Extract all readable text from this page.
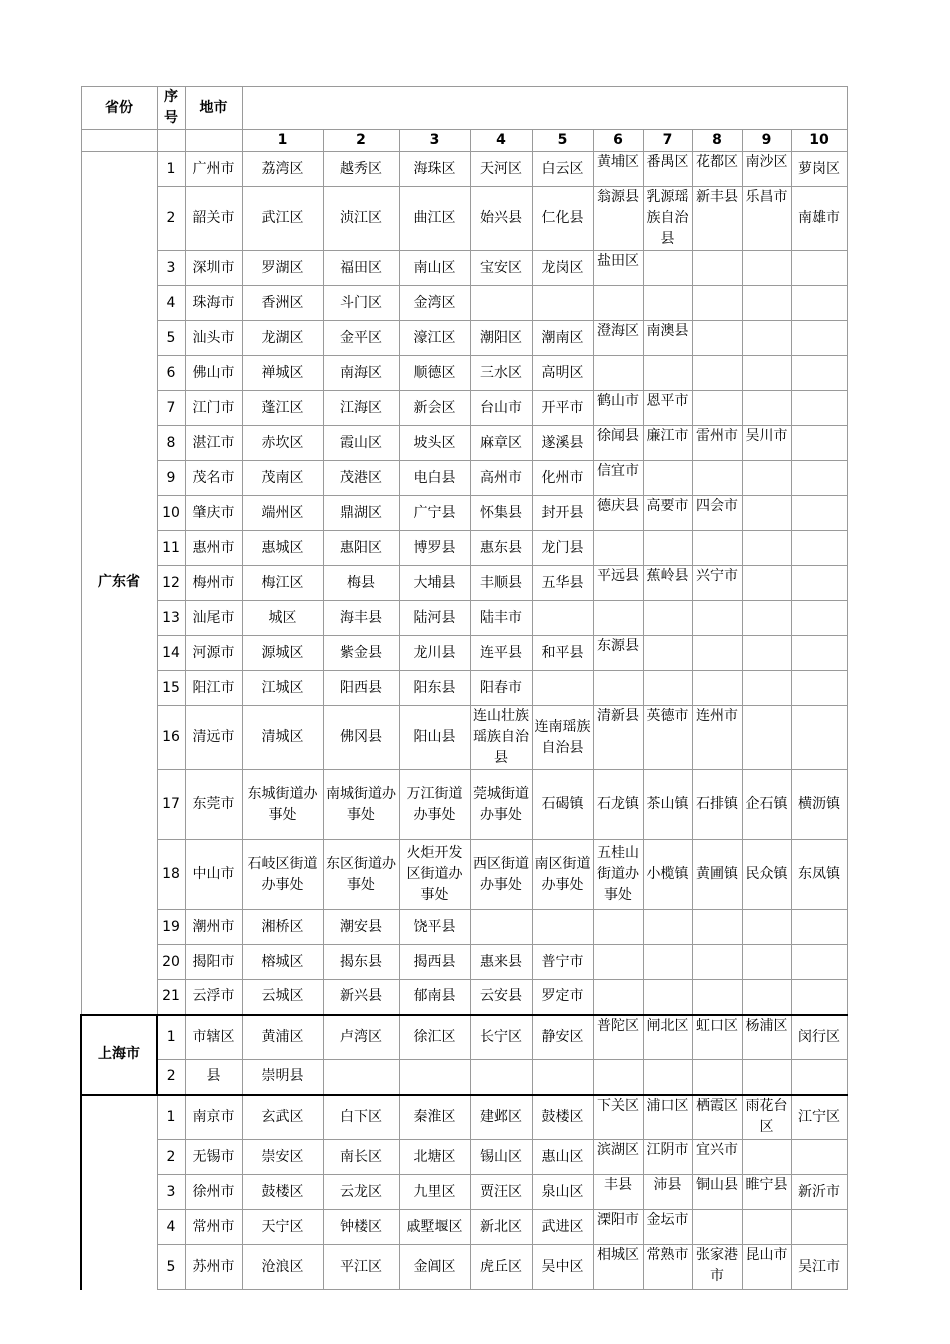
省份	序号	地市										
			1	2	3	4	5	6	7	8	9	10
广东省	1	广州市	荔湾区	越秀区	海珠区	天河区	白云区	黄埔区	番禺区	花都区	南沙区	萝岗区
	2	韶关市	武江区	浈江区	曲江区	始兴县	仁化县	翁源县	乳源瑶族自治县	新丰县	乐昌市	南雄市
	3	深圳市	罗湖区	福田区	南山区	宝安区	龙岗区	盐田区				
	4	珠海市	香洲区	斗门区	金湾区							
	5	汕头市	龙湖区	金平区	濠江区	潮阳区	潮南区	澄海区	南澳县			
	6	佛山市	禅城区	南海区	顺德区	三水区	高明区					
	7	江门市	蓬江区	江海区	新会区	台山市	开平市	鹤山市	恩平市			
	8	湛江市	赤坎区	霞山区	坡头区	麻章区	遂溪县	徐闻县	廉江市	雷州市	吴川市	
	9	茂名市	茂南区	茂港区	电白县	高州市	化州市	信宜市				
	10	肇庆市	端州区	鼎湖区	广宁县	怀集县	封开县	德庆县	高要市	四会市		
	11	惠州市	惠城区	惠阳区	博罗县	惠东县	龙门县					
	12	梅州市	梅江区	梅县	大埔县	丰顺县	五华县	平远县	蕉岭县	兴宁市		
	13	汕尾市	城区	海丰县	陆河县	陆丰市						
	14	河源市	源城区	紫金县	龙川县	连平县	和平县	东源县				
	15	阳江市	江城区	阳西县	阳东县	阳春市						
	16	清远市	清城区	佛冈县	阳山县	连山壮族瑶族自治县	连南瑶族自治县	清新县	英德市	连州市		
	17	东莞市	东城街道办事处	南城街道办事处	万江街道办事处	莞城街道办事处	石碣镇	石龙镇	茶山镇	石排镇	企石镇	横沥镇
	18	中山市	石岐区街道办事处	东区街道办事处	火炬开发区街道办事处	西区街道办事处	南区街道办事处	五桂山街道办事处	小榄镇	黄圃镇	民众镇	东凤镇
	19	潮州市	湘桥区	潮安县	饶平县							
	20	揭阳市	榕城区	揭东县	揭西县	惠来县	普宁市					
	21	云浮市	云城区	新兴县	郁南县	云安县	罗定市					
上海市	1	市辖区	黄浦区	卢湾区	徐汇区	长宁区	静安区	普陀区	闸北区	虹口区	杨浦区	闵行区
	2	县	崇明县									
	1	南京市	玄武区	白下区	秦淮区	建邺区	鼓楼区	下关区	浦口区	栖霞区	雨花台区	江宁区
	2	无锡市	崇安区	南长区	北塘区	锡山区	惠山区	滨湖区	江阴市	宜兴市		
	3	徐州市	鼓楼区	云龙区	九里区	贾汪区	泉山区	丰县	沛县	铜山县	睢宁县	新沂市
	4	常州市	天宁区	钟楼区	戚墅堰区	新北区	武进区	溧阳市	金坛市			
	5	苏州市	沧浪区	平江区	金阊区	虎丘区	吴中区	相城区	常熟市	张家港市	昆山市	吴江市
